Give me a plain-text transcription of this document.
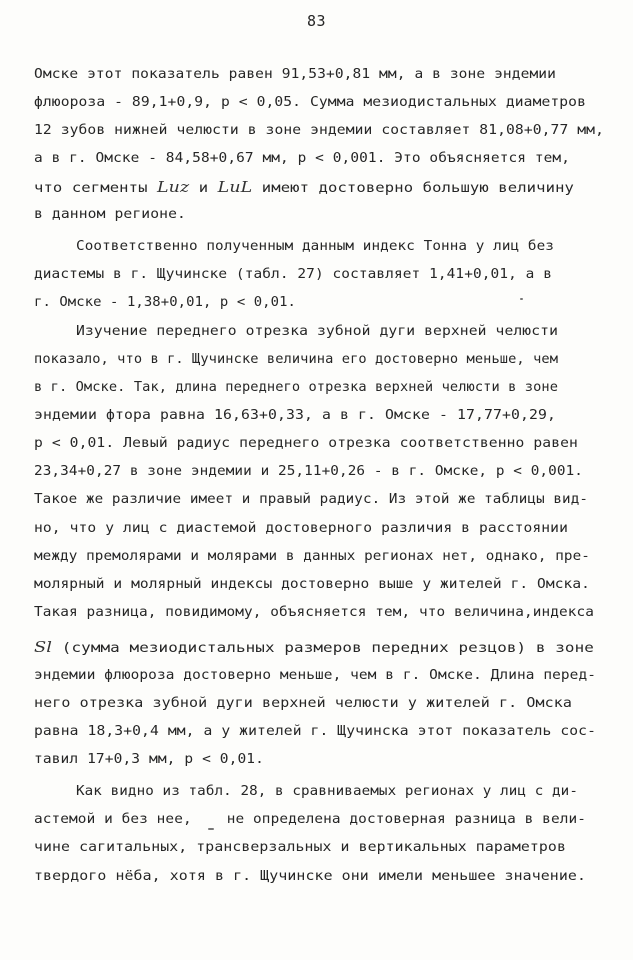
83
Омске этот показатель равен 91,53+0,81 мм, а в зоне эндемии
флюороза - 89,1+0,9, р < 0,05. Сумма мезиодистальных диаметров
12 зубов нижней челюсти в зоне эндемии составляет 81,08+0,77 мм,
а в г. Омске - 84,58+0,67 мм, р < 0,001. Это объясняется тем,
что сегменты Luz и LuL имеют достоверно большую величину
в данном регионе.
Соответственно полученным данным индекс Тонна у лиц без
диастемы в г. Щучинске (табл. 27) составляет 1,41+0,01, а в
г. Омске - 1,38+0,01, р < 0,01.
Изучение переднего отрезка зубной дуги верхней челюсти
показало, что в г. Щучинске величина его достоверно меньше, чем
в г. Омске. Так, длина переднего отрезка верхней челюсти в зоне
эндемии фтора равна 16,63+0,33, а в г. Омске - 17,77+0,29,
р < 0,01. Левый радиус переднего отрезка соответственно равен
23,34+0,27 в зоне эндемии и 25,11+0,26 - в г. Омске, р < 0,001.
Такое же различие имеет и правый радиус. Из этой же таблицы вид-
но, что у лиц с диастемой достоверного различия в расстоянии
между премолярами и молярами в данных регионах нет, однако, пре-
молярный и молярный индексы достоверно выше у жителей г. Омска.
Такая разница, повидимому, объясняется тем, что величина,индекса
Sl (сумма мезиодистальных размеров передних резцов) в зоне
эндемии флюороза достоверно меньше, чем в г. Омске. Длина перед-
него отрезка зубной дуги верхней челюсти у жителей г. Омска
равна 18,3+0,4 мм, а у жителей г. Щучинска этот показатель сос-
тавил 17+0,3 мм, р < 0,01.
Как видно из табл. 28, в сравниваемых регионах у лиц с ди-
астемой и без нее,    не определена достоверная разница в вели-
чине сагитальных, трансверзальных и вертикальных параметров
твердого нёба, хотя в г. Щучинске они имели меньшее значение.
